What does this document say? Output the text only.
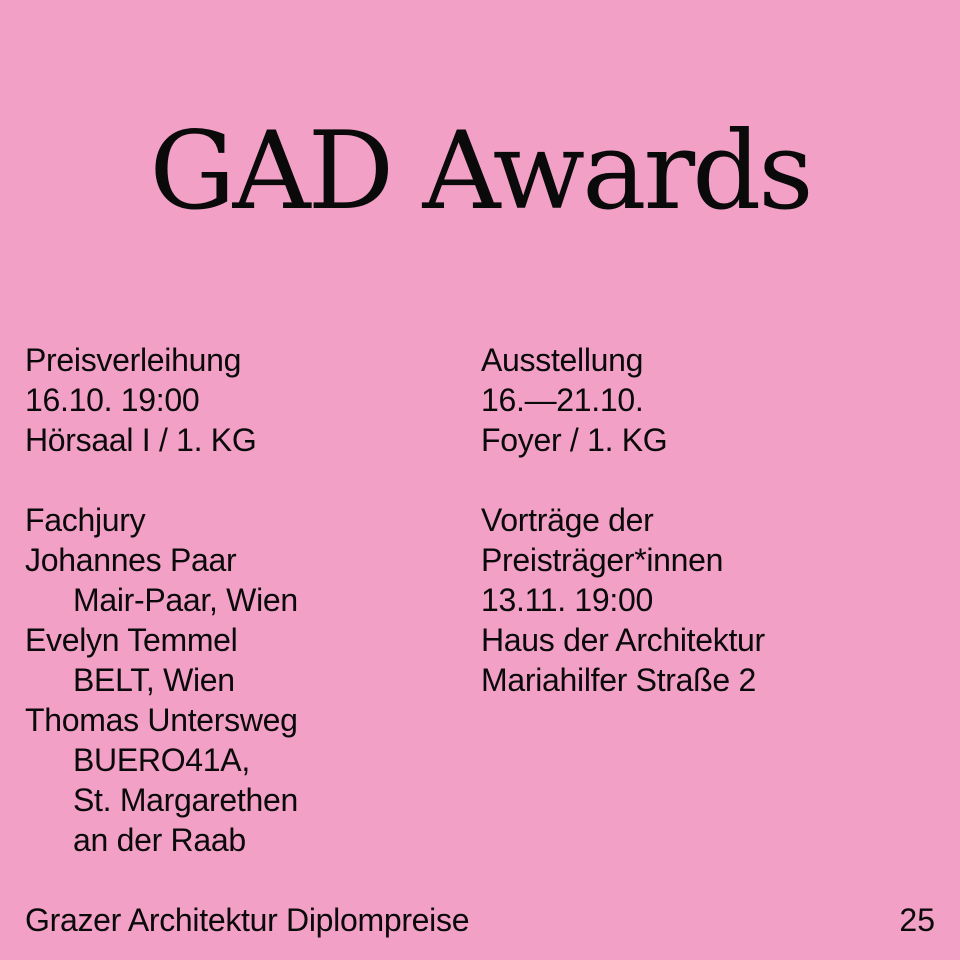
GAD Awards
Preisverleihung
16.10. 19:00
Hörsaal I / 1. KG
Fachjury
Johannes Paar
Mair-Paar, Wien
Evelyn Temmel
BELT, Wien
Thomas Untersweg
BUERO41A,
St. Margarethen
an der Raab
Ausstellung
16.—21.10.
Foyer / 1. KG
Vorträge der
Preisträger*innen
13.11. 19:00
Haus der Architektur
Mariahilfer Straße 2
Grazer Architektur Diplompreise	25
